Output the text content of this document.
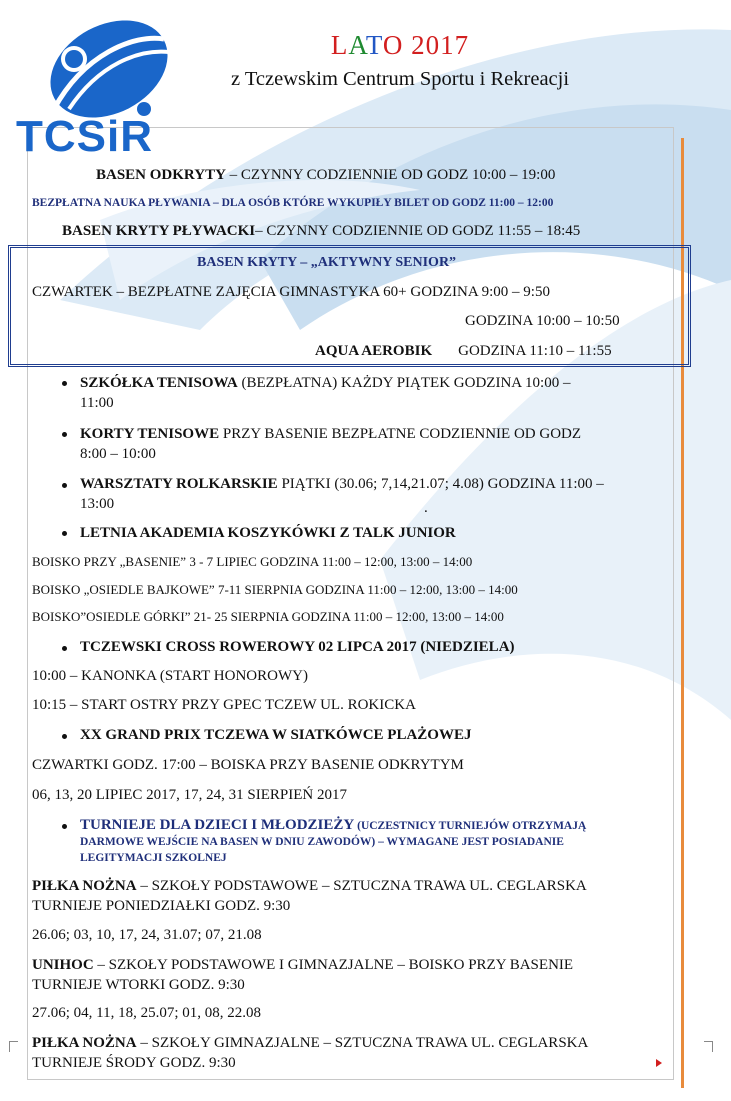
TCSiR
LATO 2017
z Tczewskim Centrum Sportu i Rekreacji
BASEN ODKRYTY – CZYNNY CODZIENNIE OD GODZ 10:00 – 19:00
BEZPŁATNA NAUKA PŁYWANIA – DLA OSÓB KTÓRE WYKUPIŁY BILET OD GODZ 11:00 – 12:00
BASEN KRYTY PŁYWACKI– CZYNNY CODZIENNIE OD GODZ 11:55 – 18:45
BASEN KRYTY – „AKTYWNY SENIOR”
CZWARTEK – BEZPŁATNE ZAJĘCIA GIMNASTYKA 60+ GODZINA 9:00 – 9:50
GODZINA 10:00 – 10:50
AQUA AEROBIK GODZINA 11:10 – 11:55
SZKÓŁKA TENISOWA (BEZPŁATNA) KAŻDY PIĄTEK GODZINA 10:00 –
11:00
KORTY TENISOWE PRZY BASENIE BEZPŁATNE CODZIENNIE OD GODZ
8:00 – 10:00
WARSZTATY ROLKARSKIE PIĄTKI (30.06; 7,14,21.07; 4.08) GODZINA 11:00 –
13:00	.
LETNIA AKADEMIA KOSZYKÓWKI Z TALK JUNIOR
BOISKO PRZY „BASENIE” 3 - 7 LIPIEC GODZINA 11:00 – 12:00, 13:00 – 14:00
BOISKO „OSIEDLE BAJKOWE” 7-11 SIERPNIA GODZINA 11:00 – 12:00, 13:00 – 14:00
BOISKO”OSIEDLE GÓRKI” 21- 25 SIERPNIA GODZINA 11:00 – 12:00, 13:00 – 14:00
TCZEWSKI CROSS ROWEROWY 02 LIPCA 2017 (NIEDZIELA)
10:00 – KANONKA (START HONOROWY)
10:15 – START OSTRY PRZY GPEC TCZEW UL. ROKICKA
XX GRAND PRIX TCZEWA W SIATKÓWCE PLAŻOWEJ
CZWARTKI GODZ. 17:00 – BOISKA PRZY BASENIE ODKRYTYM
06, 13, 20 LIPIEC 2017, 17, 24, 31 SIERPIEŃ 2017
TURNIEJE DLA DZIECI I MŁODZIEŻY (UCZESTNICY TURNIEJÓW OTRZYMAJĄ
DARMOWE WEJŚCIE NA BASEN W DNIU ZAWODÓW) – WYMAGANE JEST POSIADANIE
LEGITYMACJI SZKOLNEJ
PIŁKA NOŻNA – SZKOŁY PODSTAWOWE – SZTUCZNA TRAWA UL. CEGLARSKA
TURNIEJE PONIEDZIAŁKI GODZ. 9:30
26.06; 03, 10, 17, 24, 31.07; 07, 21.08
UNIHOC – SZKOŁY PODSTAWOWE I GIMNAZJALNE – BOISKO PRZY BASENIE
TURNIEJE WTORKI GODZ. 9:30
27.06; 04, 11, 18, 25.07; 01, 08, 22.08
PIŁKA NOŻNA – SZKOŁY GIMNAZJALNE – SZTUCZNA TRAWA UL. CEGLARSKA
TURNIEJE ŚRODY GODZ. 9:30
